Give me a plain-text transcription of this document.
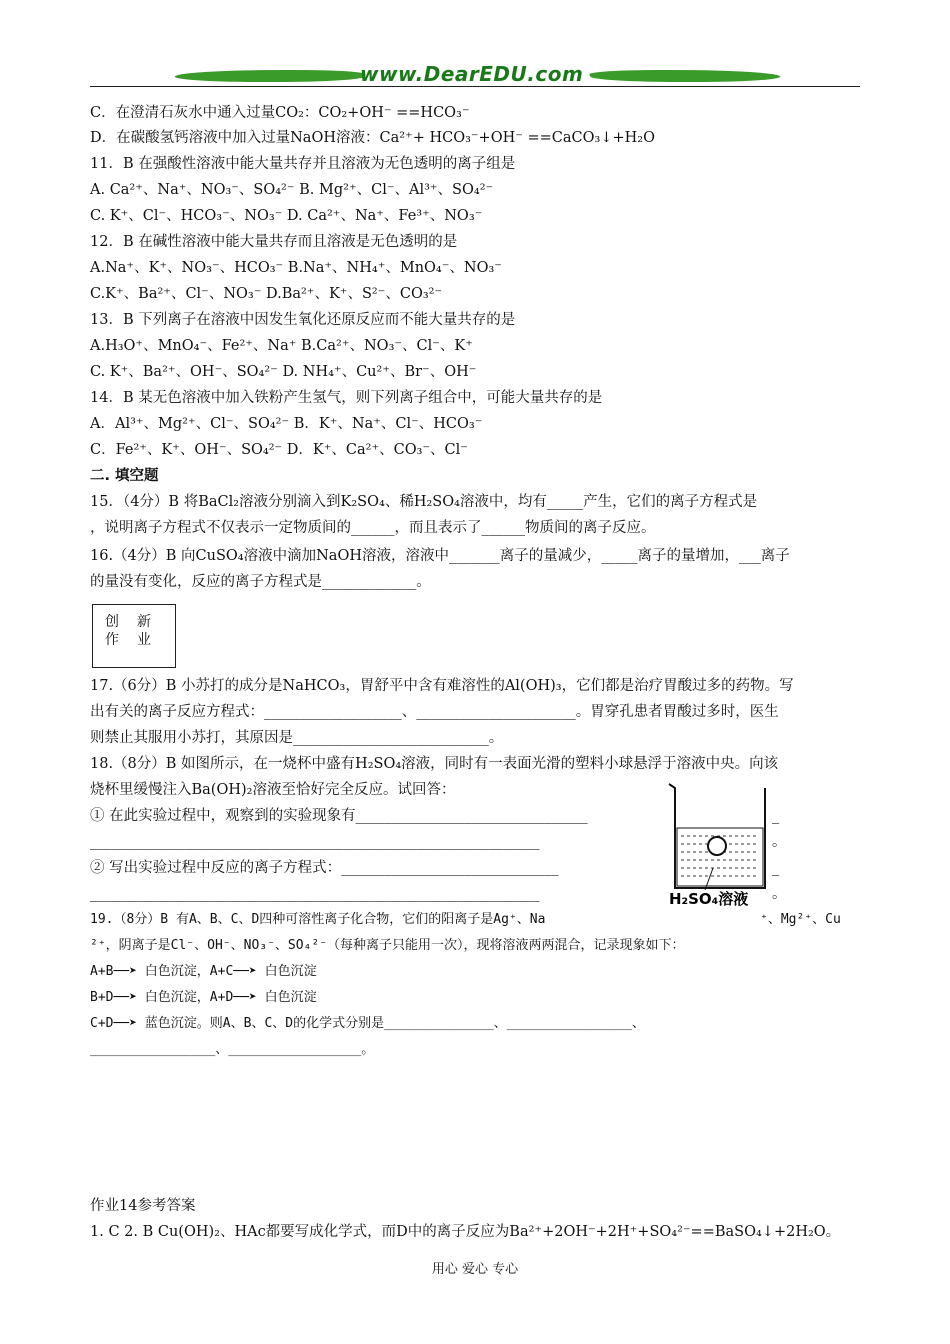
www.DearEDU.com
C．在澄清石灰水中通入过量CO₂：CO₂+OH⁻ ==HCO₃⁻
D．在碳酸氢钙溶液中加入过量NaOH溶液：Ca²⁺+ HCO₃⁻+OH⁻ ==CaCO₃↓+H₂O
11．B 在强酸性溶液中能大量共存并且溶液为无色透明的离子组是
A. Ca²⁺、Na⁺、NO₃⁻、SO₄²⁻ B. Mg²⁺、Cl⁻、Al³⁺、SO₄²⁻
C. K⁺、Cl⁻、HCO₃⁻、NO₃⁻ D. Ca²⁺、Na⁺、Fe³⁺、NO₃⁻
12．B 在碱性溶液中能大量共存而且溶液是无色透明的是
A.Na⁺、K⁺、NO₃⁻、HCO₃⁻ B.Na⁺、NH₄⁺、MnO₄⁻、NO₃⁻
C.K⁺、Ba²⁺、Cl⁻、NO₃⁻ D.Ba²⁺、K⁺、S²⁻、CO₃²⁻
13．B 下列离子在溶液中因发生氧化还原反应而不能大量共存的是
A.H₃O⁺、MnO₄⁻、Fe²⁺、Na⁺ B.Ca²⁺、NO₃⁻、Cl⁻、K⁺
C. K⁺、Ba²⁺、OH⁻、SO₄²⁻ D. NH₄⁺、Cu²⁺、Br⁻、OH⁻
14．B 某无色溶液中加入铁粉产生氢气，则下列离子组合中，可能大量共存的是
A．Al³⁺、Mg²⁺、Cl⁻、SO₄²⁻ B．K⁺、Na⁺、Cl⁻、HCO₃⁻
C．Fe²⁺、K⁺、OH⁻、SO₄²⁻ D．K⁺、Ca²⁺、CO₃⁻、Cl⁻
二. 填空题
15．（4分）B 将BaCl₂溶液分别滴入到K₂SO₄、稀H₂SO₄溶液中，均有_____产生，它们的离子方程式是
，说明离子方程式不仅表示一定物质间的______，而且表示了______物质间的离子反应。
16.（4分）B 向CuSO₄溶液中滴加NaOH溶液，溶液中_______离子的量减少，_____离子的量增加，___离子
的量没有变化，反应的离子方程式是_____________。
创 新
作 业
17.（6分）B 小苏打的成分是NaHCO₃，胃舒平中含有难溶性的Al(OH)₃，它们都是治疗胃酸过多的药物。写
出有关的离子反应方程式：___________________、______________________。胃穿孔患者胃酸过多时，医生
则禁止其服用小苏打，其原因是___________________________。
18.（8分）B 如图所示，在一烧杯中盛有H₂SO₄溶液，同时有一表面光滑的塑料小球悬浮于溶液中央。向该
烧杯里缓慢注入Ba(OH)₂溶液至恰好完全反应。试回答：
① 在此实验过程中，观察到的实验现象有________________________________
______________________________________________________________
② 写出实验过程中反应的离子方程式：______________________________
______________________________________________________________
_
。
_
。
H₂SO₄溶液
19.（8分）B 有A、B、C、D四种可溶性离子化合物，它们的阳离子是Ag⁺、Na	⁺、Mg²⁺、Cu
²⁺，阴离子是Cl⁻、OH⁻、NO₃⁻、SO₄²⁻（每种离子只能用一次），现将溶液两两混合，记录现象如下：
A+B──➤ 白色沉淀，A+C──➤ 白色沉淀
B+D──➤ 白色沉淀，A+D──➤ 白色沉淀
C+D──➤ 蓝色沉淀。则A、B、C、D的化学式分别是______________、________________、
________________、_________________。
作业14参考答案
1. C 2. B Cu(OH)₂、HAc都要写成化学式，而D中的离子反应为Ba²⁺+2OH⁻+2H⁺+SO₄²⁻==BaSO₄↓+2H₂O。
用心 爱心 专心
